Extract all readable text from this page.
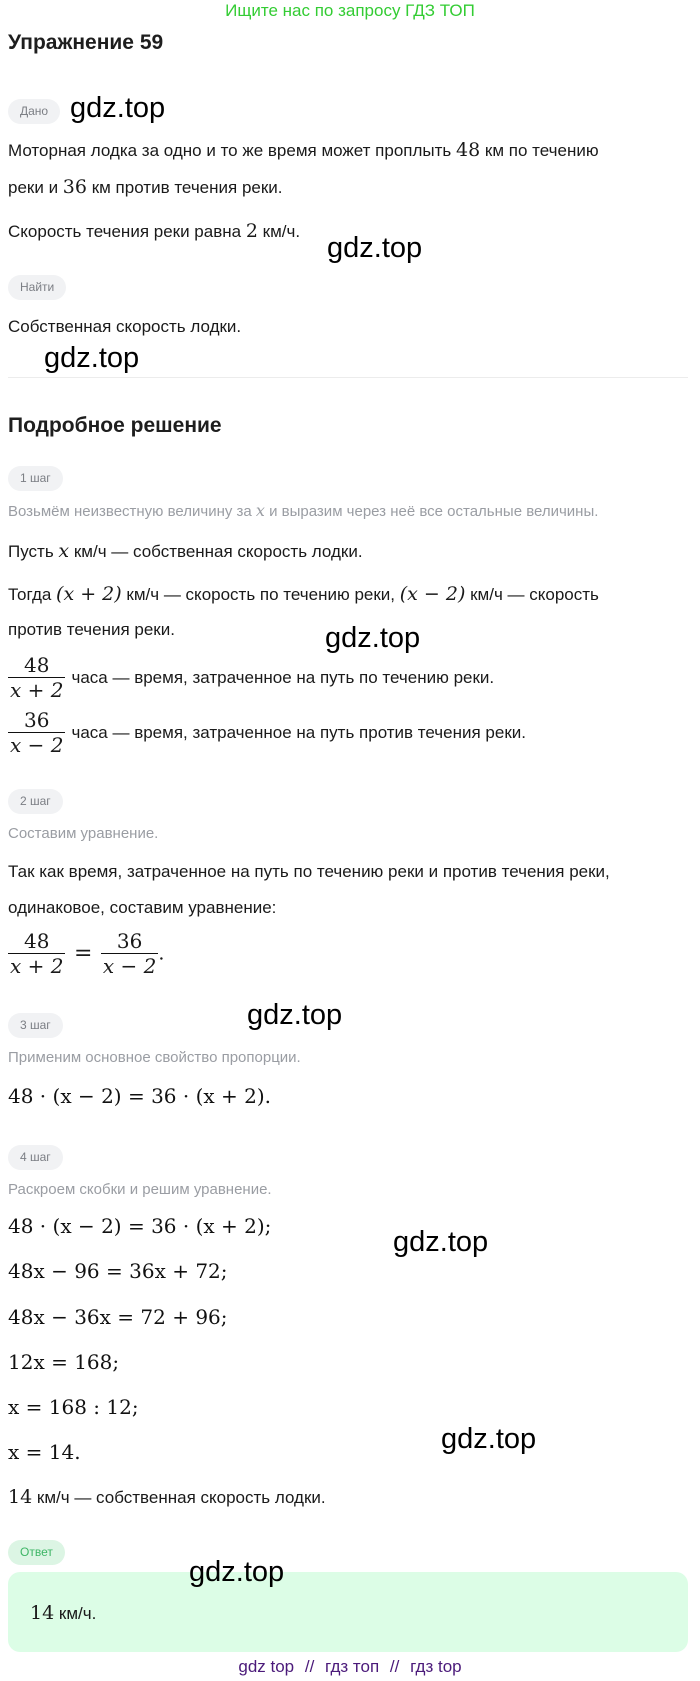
Ищите нас по запросу ГДЗ ТОП
Упражнение 59
Дано gdz.top
Моторная лодка за одно и то же время может проплыть 48 км по течению
реки и 36 км против течения реки.
Скорость течения реки равна 2 км/ч.
gdz.top
Найти
Собственная скорость лодки.
gdz.top
Подробное решение
1 шаг
Возьмём неизвестную величину за x и выразим через неё все остальные величины.
Пусть x км/ч — собственная скорость лодки.
Тогда (x + 2) км/ч — скорость по течению реки, (x − 2) км/ч — скорость
против течения реки.	gdz.top
$\frac{48}{x + 2}$ часа — время, затраченное на путь по течению реки.
$\frac{36}{x - 2}$ часа — время, затраченное на путь против течения реки.
2 шаг
Составим уравнение.
Так как время, затраченное на путь по течению реки и против течения реки,
одинаковое, составим уравнение:
$\frac{48}{x + 2} = \frac{36}{x - 2}$ .
gdz.top
3 шаг
Применим основное свойство пропорции.
48 · (x − 2) = 36 · (x + 2).
4 шаг
Раскроем скобки и решим уравнение.
48 · (x − 2) = 36 · (x + 2);	gdz.top
48x − 96 = 36x + 72;
48x − 36x = 72 + 96;
12x = 168;
x = 168 : 12;
gdz.top
x = 14.
14 км/ч — собственная скорость лодки.
Ответ
gdz.top
14 км/ч.
gdz top // гдз топ // гдз top
